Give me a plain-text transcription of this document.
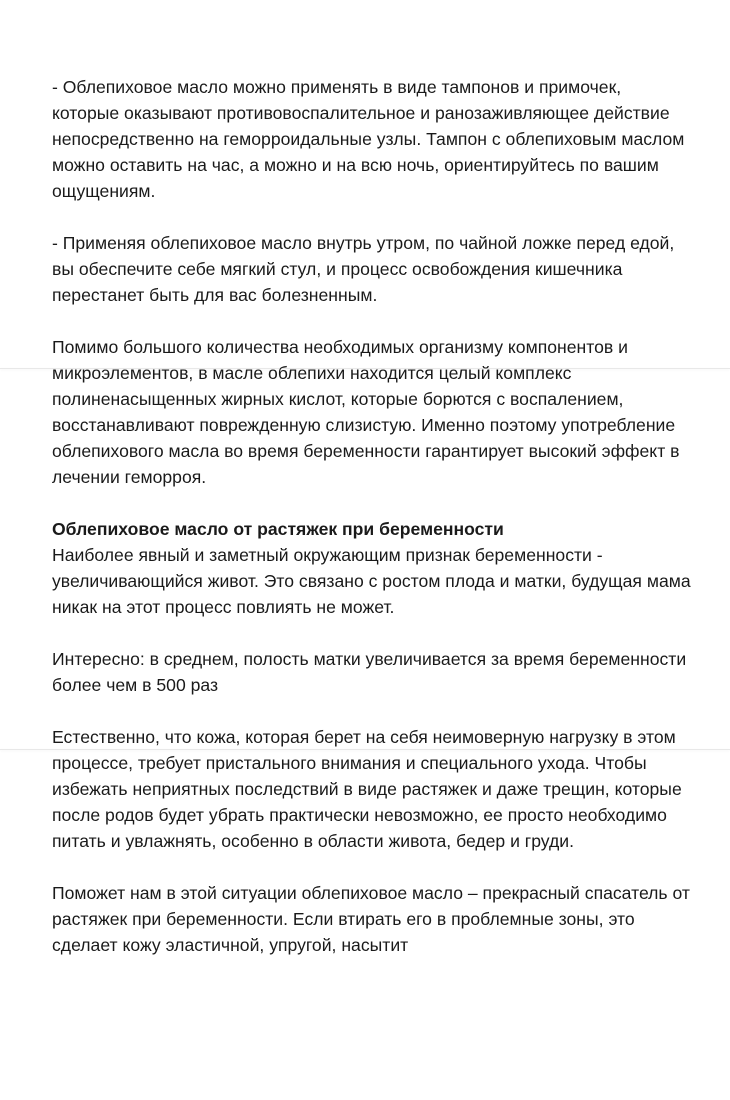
- Облепиховое масло можно применять в виде тампонов и примочек, которые оказывают противовоспалительное и ранозаживляющее действие непосредственно на геморроидальные узлы. Тампон с облепиховым маслом можно оставить на час, а можно и на всю ночь, ориентируйтесь по вашим ощущениям.

- Применяя облепиховое масло внутрь утром, по чайной ложке перед едой, вы обеспечите себе мягкий стул, и процесс освобождения кишечника перестанет быть для вас болезненным.

Помимо большого количества необходимых организму компонентов и микроэлементов, в масле облепихи находится целый комплекс полиненасыщенных жирных кислот, которые борются с воспалением, восстанавливают поврежденную слизистую. Именно поэтому употребление облепихового масла во время беременности гарантирует высокий эффект в лечении геморроя.

Облепиховое масло от растяжек при беременности

Наиболее явный и заметный окружающим признак беременности - увеличивающийся живот. Это связано с ростом плода и матки, будущая мама никак на этот процесс повлиять не может.

Интересно: в среднем, полость матки увеличивается за время беременности более чем в 500 раз

Естественно, что кожа, которая берет на себя неимоверную нагрузку в этом процессе, требует пристального внимания и специального ухода. Чтобы избежать неприятных последствий в виде растяжек и даже трещин, которые после родов будет убрать практически невозможно, ее просто необходимо питать и увлажнять, особенно в области живота, бедер и груди.

Поможет нам в этой ситуации облепиховое масло – прекрасный спасатель от растяжек при беременности. Если втирать его в проблемные зоны, это сделает кожу эластичной, упругой, насытит
